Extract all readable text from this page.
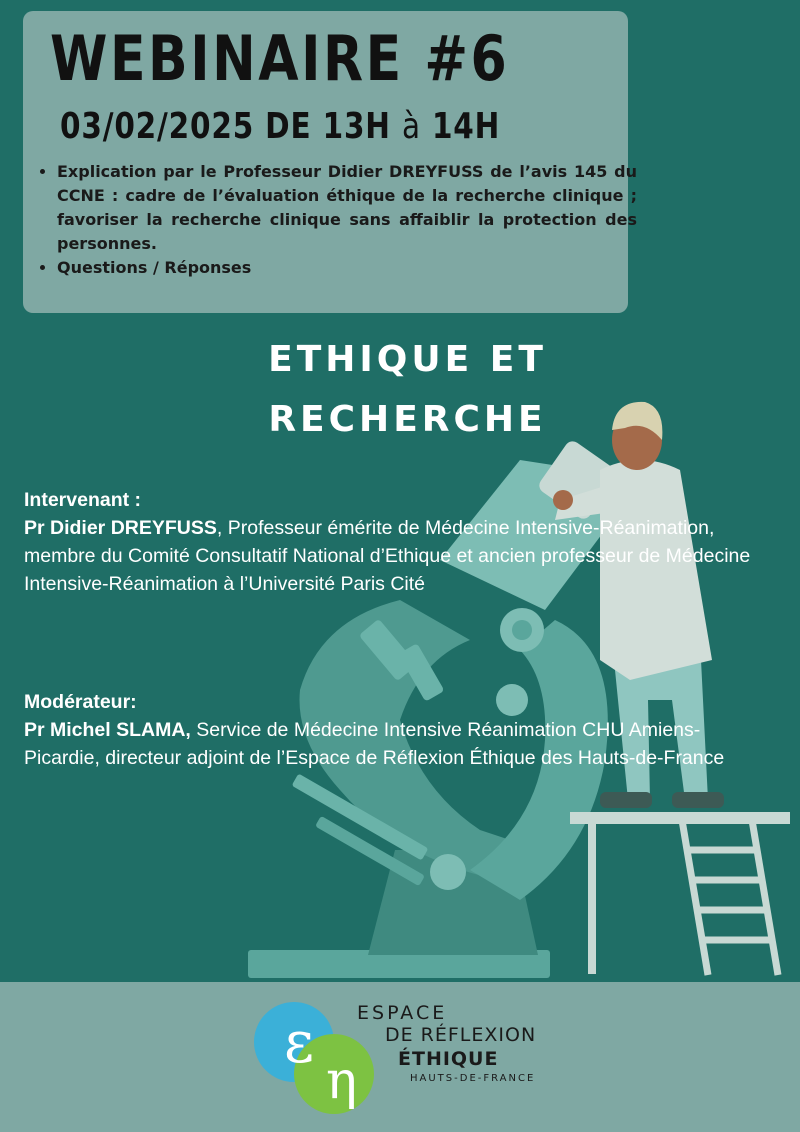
WEBINAIRE #6
03/02/2025 DE 13H à 14H
• Explication par le Professeur Didier DREYFUSS de l’avis 145 du CCNE : cadre de l’évaluation éthique de la recherche clinique ; favoriser la recherche clinique sans affaiblir la protection des personnes.
• Questions / Réponses
ETHIQUE ET
RECHERCHE

Intervenant :

Pr Didier DREYFUSS, Professeur émérite de Médecine Intensive-Réanimation, membre du Comité Consultatif National d’Ethique et ancien professeur de Médecine Intensive-Réanimation à l’Université Paris Cité

Modérateur:

Pr Michel SLAMA, Service de Médecine Intensive Réanimation CHU Amiens-Picardie, directeur adjoint de l’Espace de Réflexion Éthique des Hauts-de-France

ε
η
ESPACE
DE RÉFLEXION
ÉTHIQUE
HAUTS-DE-FRANCE
